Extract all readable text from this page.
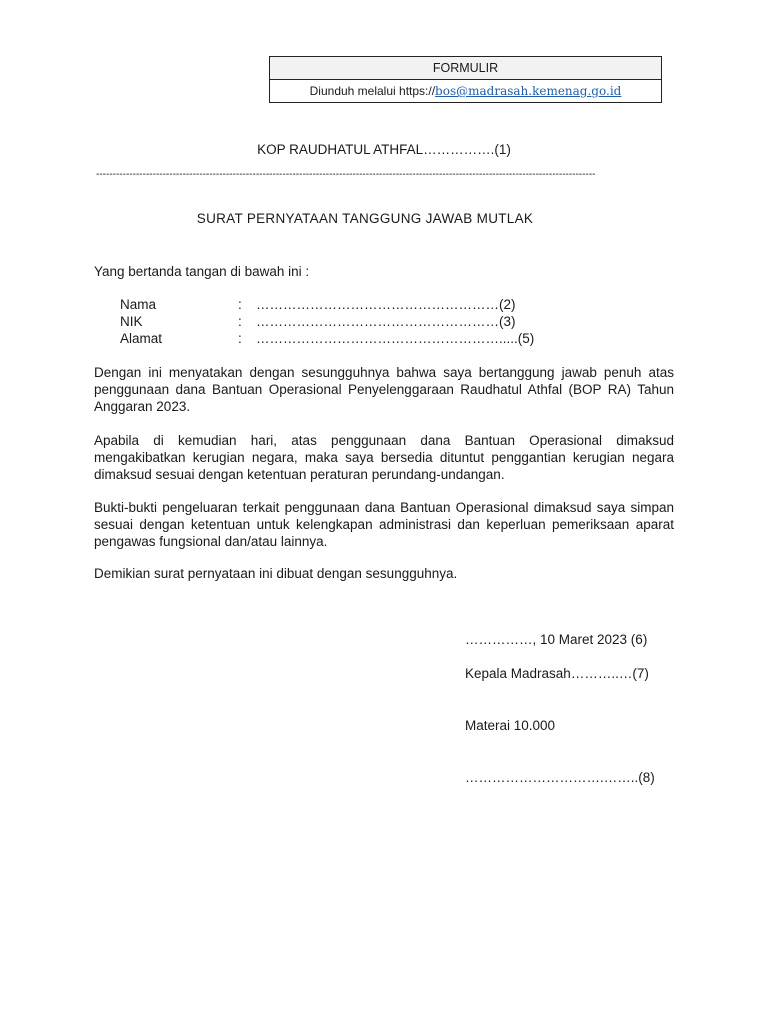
FORMULIR
Diunduh melalui https://bos@madrasah.kemenag.go.id
KOP RAUDHATUL ATHFAL…………….(1)
------------------------------------------------------------------------------------------------------------------------------------------------------
SURAT PERNYATAAN TANGGUNG JAWAB MUTLAK
Yang bertanda tangan di bawah ini :
Nama	:	………………………………………………(2)
NIK	:	………………………………………………(3)
Alamat	:	……………………………………………….....(5)
Dengan ini menyatakan dengan sesungguhnya bahwa saya bertanggung jawab penuh atas penggunaan dana Bantuan Operasional Penyelenggaraan Raudhatul Athfal (BOP RA) Tahun Anggaran 2023.
Apabila di kemudian hari, atas penggunaan dana Bantuan Operasional dimaksud mengakibatkan kerugian negara, maka saya bersedia dituntut penggantian kerugian negara dimaksud sesuai dengan ketentuan peraturan perundang-undangan.
Bukti-bukti pengeluaran terkait penggunaan dana Bantuan Operasional dimaksud saya simpan sesuai dengan ketentuan untuk kelengkapan administrasi dan keperluan pemeriksaan aparat pengawas fungsional dan/atau lainnya.
Demikian surat pernyataan ini dibuat dengan sesungguhnya.
……………, 10 Maret 2023 (6)
Kepala Madrasah………..…(7)
Materai 10.000
………………………….……..(8)
